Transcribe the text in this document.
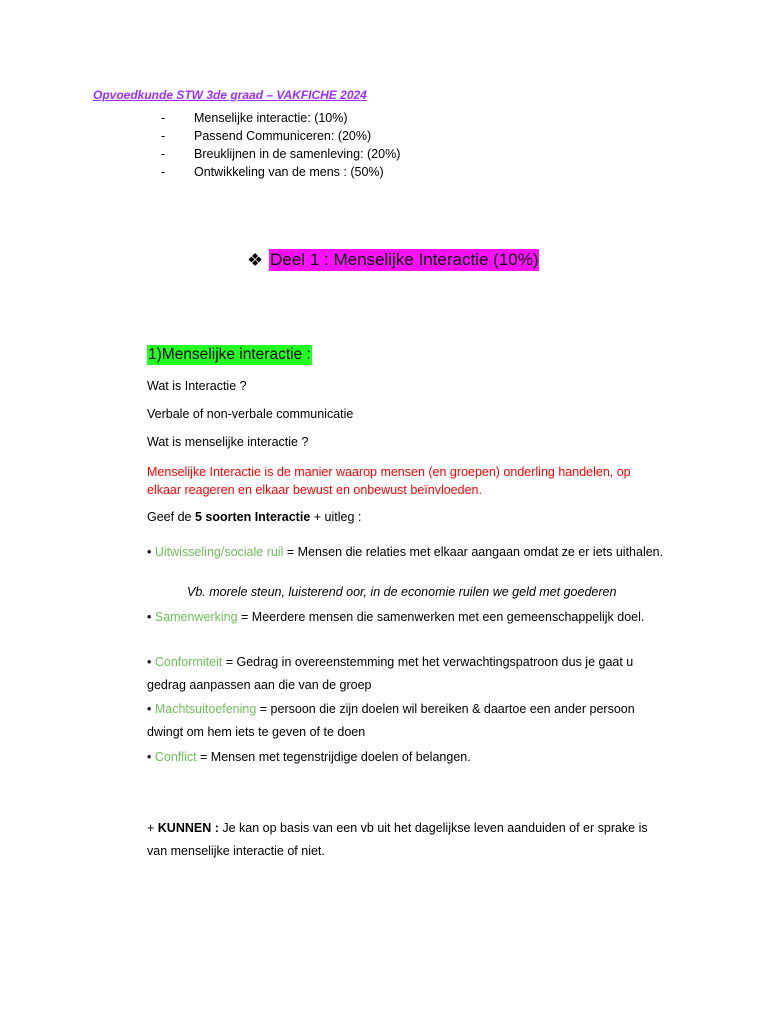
Opvoedkunde STW 3de graad – VAKFICHE 2024
-	Menselijke interactie: (10%)
-	Passend Communiceren: (20%)
-	Breuklijnen in de samenleving: (20%)
-	Ontwikkeling van de mens : (50%)
❖ Deel 1 : Menselijke Interactie (10%)
1)Menselijke interactie :
Wat is Interactie ?
Verbale of non-verbale communicatie
Wat is menselijke interactie ?
Menselijke Interactie is de manier waarop mensen (en groepen) onderling handelen, op elkaar reageren en elkaar bewust en onbewust beïnvloeden.
Geef de 5 soorten Interactie + uitleg :
• Uitwisseling/sociale ruil = Mensen die relaties met elkaar aangaan omdat ze er iets uithalen.
Vb. morele steun, luisterend oor, in de economie ruilen we geld met goederen
• Samenwerking = Meerdere mensen die samenwerken met een gemeenschappelijk doel.
• Conformiteit = Gedrag in overeenstemming met het verwachtingspatroon dus je gaat u gedrag aanpassen aan die van de groep
• Machtsuitoefening = persoon die zijn doelen wil bereiken & daartoe een ander persoon dwingt om hem iets te geven of te doen
• Conflict = Mensen met tegenstrijdige doelen of belangen.
+ KUNNEN : Je kan op basis van een vb uit het dagelijkse leven aanduiden of er sprake is van menselijke interactie of niet.
